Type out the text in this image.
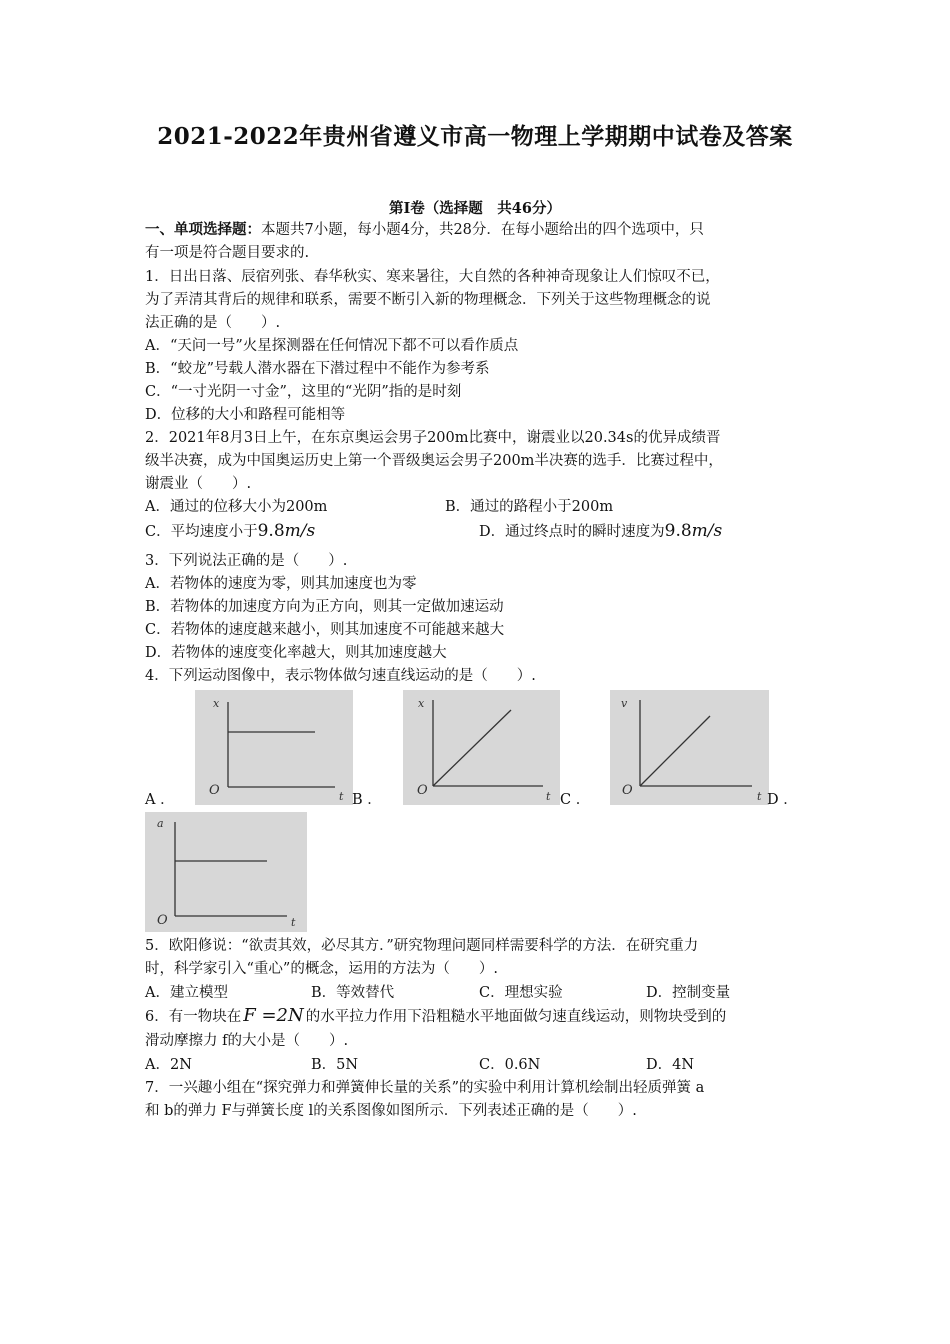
2021-2022年贵州省遵义市高一物理上学期期中试卷及答案
第Ⅰ卷（选择题　共46分）
一、单项选择题：本题共7小题，每小题4分，共28分．在每小题给出的四个选项中，只
有一项是符合题目要求的.
1．日出日落、辰宿列张、春华秋实、寒来暑往，大自然的各种神奇现象让人们惊叹不已，
为了弄清其背后的规律和联系，需要不断引入新的物理概念．下列关于这些物理概念的说
法正确的是（　　）.
A．“天问一号”火星探测器在任何情况下都不可以看作质点
B．“蛟龙”号载人潜水器在下潜过程中不能作为参考系
C．“一寸光阴一寸金”，这里的“光阴”指的是时刻
D．位移的大小和路程可能相等
2．2021年8月3日上午，在东京奥运会男子200m比赛中，谢震业以20.34s的优异成绩晋
级半决赛，成为中国奥运历史上第一个晋级奥运会男子200m半决赛的选手．比赛过程中，
谢震业（　　）.
A．通过的位移大小为200m	B．通过的路程小于200m
C．平均速度小于9.8m/s	D．通过终点时的瞬时速度为9.8m/s
3．下列说法正确的是（　　）.
A．若物体的速度为零，则其加速度也为零
B．若物体的加速度方向为正方向，则其一定做加速运动
C．若物体的速度越来越小，则其加速度不可能越来越大
D．若物体的速度变化率越大，则其加速度越大
4．下列运动图像中，表示物体做匀速直线运动的是（　　）.
x
O	t
A ．
x
O	t
B ．
v
O	t
C ．	D ．
a
O	t
5．欧阳修说：“欲责其效，必尽其方．”研究物理问题同样需要科学的方法．在研究重力
时，科学家引入“重心”的概念，运用的方法为（　　）.
A．建立模型	B．等效替代	C．理想实验	D．控制变量
6．有一物块在 F =2N 的水平拉力作用下沿粗糙水平地面做匀速直线运动，则物块受到的
滑动摩擦力 f的大小是（　　）.
A．2N	B．5N	C．0.6N	D．4N
7．一兴趣小组在“探究弹力和弹簧伸长量的关系”的实验中利用计算机绘制出轻质弹簧 a
和 b的弹力 F与弹簧长度 l的关系图像如图所示．下列表述正确的是（　　）.
